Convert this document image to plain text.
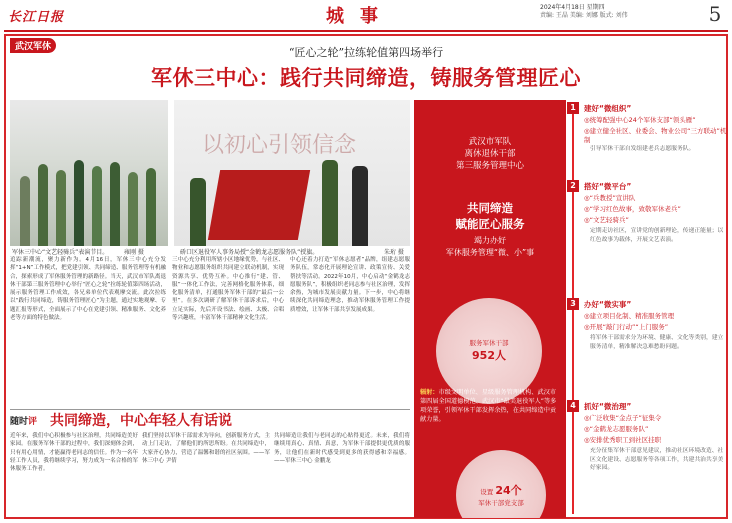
长江日报	城事	2024年4月18日 星期四
责编: 王晶 美编: 刘娜 版式: 刘伟	5
武汉军休	“匠心之轮”拉练轮值第四场举行
军休三中心：践行共同缔造，铸服务管理匠心
军休三中心“文艺轻骑兵”表演节目。	雍刚 摄
以初心引领信念
硚口区退役军人事务局授“金鹤龙志愿服务队”授旗。	朱珩 摄
追踪新潮流，聚力新作为。4月16日，军休三中心充分发挥“1+N”工作模式，把党建引领、共同缔造、服务管理等有机融合，探索形成了军休服务管理的新路径。当天，武汉市军队离退休干部第三服务管理中心举行“匠心之轮”拉练轮值第四场活动，展示服务管理工作成效，各兄弟单位代表观摩交流。此次拉练以“践行共同缔造，铸服务管理匠心”为主题，通过实地观摩、专题汇报等形式，全面展示了中心在党建引领、精准服务、文化养老等方面的特色做法。
三中心充分利用所辖小区地缘优势，与社区、物业和志愿服务组织共同建立联动机制，实现资源共享、优势互补。中心推行“建、管、服”一体化工作法，完善网格化服务体系，细化服务清单，打通服务军休干部的“最后一公里”。在多次调研了解军休干部诉求后，中心立足实际，先后开设书法、绘画、太极、合唱等兴趣班，丰富军休干部精神文化生活。
中心还着力打造“军休志愿者”品牌，组建志愿服务队伍，常态化开展理论宣讲、政策宣传、关爱帮扶等活动。2022年10月，中心启动“金鹤龙志愿服务队”，积极组织老同志参与社区治理，发挥余热，为城市发展贡献力量。下一步，中心将继续深化共同缔造理念，推动军休服务管理工作提质增效，让军休干部共享发展成果。
随时评 共同缔造，中心年轻人有话说
近年来，我们中心积极参与社区治理，共同缔造美好家园。在服务军休干部的过程中，我们深刻体会到，只有用心用情，才能赢得老同志的信任。作为一名年轻工作人员，我将继续学习，努力成为一名合格的军休服务工作者。
我们坚持以军休干部需求为导向，创新服务方式，主动上门走访，了解他们的所思所盼。在共同缔造中，大家齐心协力，营造了温馨和谐的社区氛围。——军休三中心 尹倩
共同缔造让我们与老同志的心贴得更近。未来，我们将继续用真心、真情、真意，为军休干部提供更优质的服务，让他们在新时代感受到更多的获得感和幸福感。——军休三中心 金鹏龙
武汉市军队
离休退休干部
第三服务管理中心
共同缔造
赋能匠心服务
竭力办好
军休服务管理“微、小”事
服务军休干部
952人
辐射：市级文明单位、星级服务管理机构、武汉市第四届全国道德模范、武汉市“最美退役军人”等多项荣誉，引领军休干部发挥余热，在共同缔造中贡献力量。
设置 24个
军休干部党支部
1	建好“微组织”
◎统筹配强中心24个军休支部“领头雁”
◎建立健全社区、业委会、物业公司“三方联动”机制
引导军休干部自发组建老兵志愿服务队。
2	搭好“微平台”
◎“兵教授”宣讲队
◎“学习红色故事，致敬军休老兵”
◎“文艺轻骑兵”
定期走访社区，宣讲党的创新理论，传递正能量；以红色故事为载体，开展文艺表演。
3	办好“微实事”
◎建立项目化制、精准服务管理
◎开展“敲门行动”“上门服务”
将军休干部需求分为环境、健康、文化等类别，建立服务清单，精准解决急难愁盼问题。
4	抓好“微治理”
◎广泛收集“金点子”征集令
◎“金鹤龙志愿服务队”
◎安排优秀职工到社区挂职
充分征集军休干部意见建议，推动社区环境改造、社区文化建设、志愿服务等各项工作，共建共治共享美好家园。
